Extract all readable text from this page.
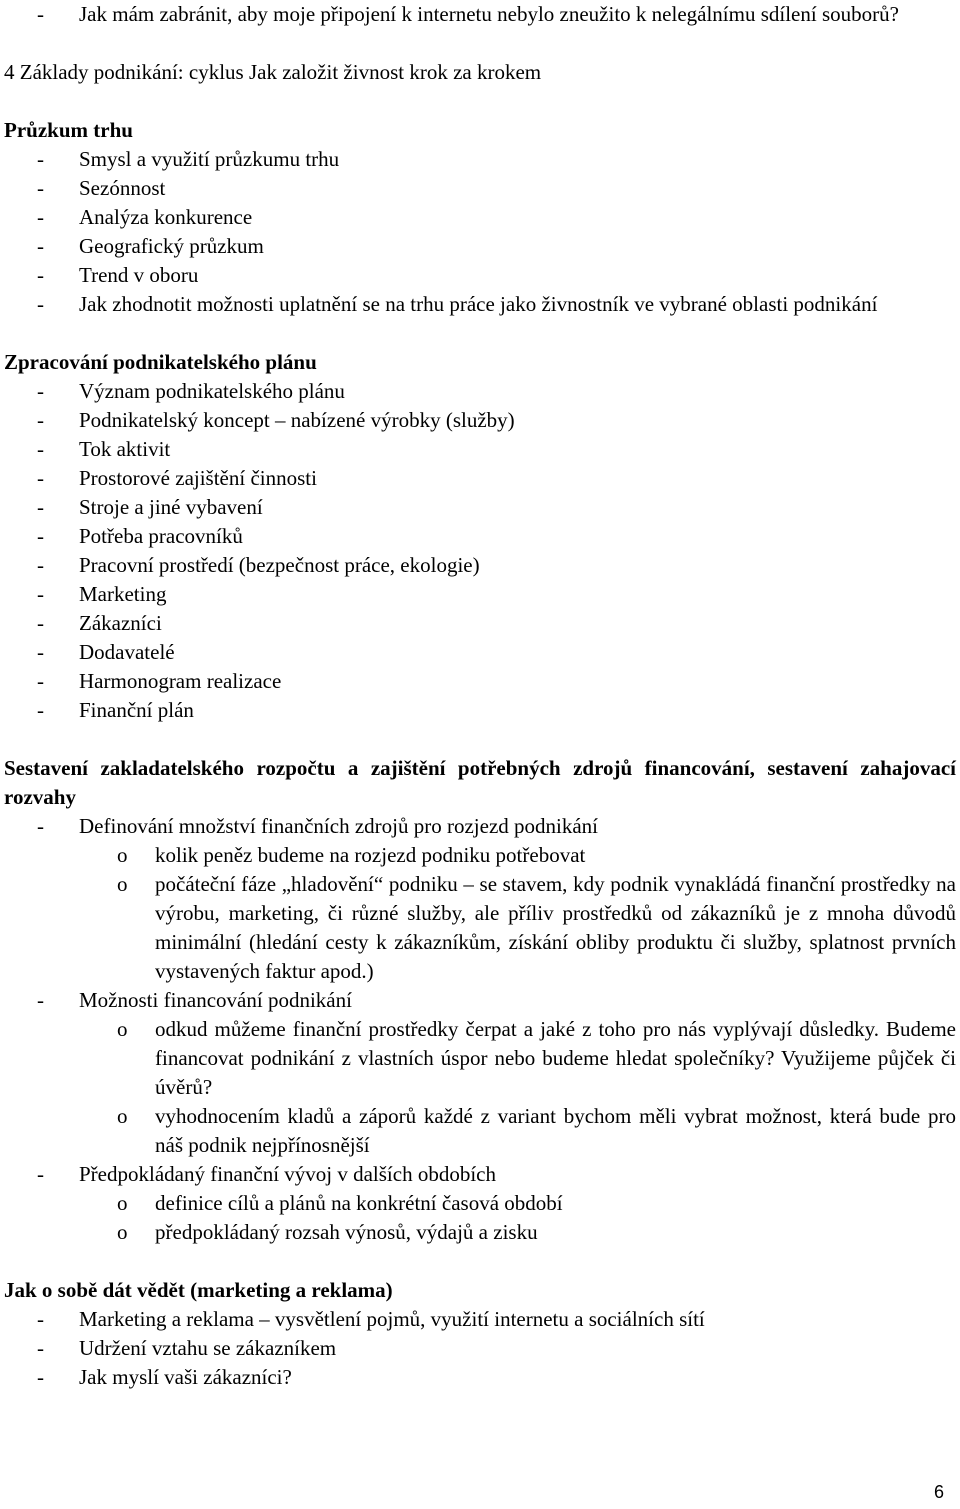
- Jak mám zabránit, aby moje připojení k internetu nebylo zneužito k nelegálnímu sdílení souborů?

4 Základy podnikání: cyklus Jak založit živnost krok za krokem

Průzkum trhu

- Smysl a využití průzkumu trhu

- Sezónnost

- Analýza konkurence

- Geografický průzkum

- Trend v oboru

- Jak zhodnotit možnosti uplatnění se na trhu práce jako živnostník ve vybrané oblasti podnikání

Zpracování podnikatelského plánu

- Význam podnikatelského plánu

- Podnikatelský koncept – nabízené výrobky (služby)

- Tok aktivit

- Prostorové zajištění činnosti

- Stroje a jiné vybavení

- Potřeba pracovníků

- Pracovní prostředí (bezpečnost práce, ekologie)

- Marketing

- Zákazníci

- Dodavatelé

- Harmonogram realizace

- Finanční plán

Sestavení zakladatelského rozpočtu a zajištění potřebných zdrojů financování, sestavení zahajovací rozvahy

- Definování množství finančních zdrojů pro rozjezd podnikání

o kolik peněz budeme na rozjezd podniku potřebovat

o počáteční fáze „hladovění“ podniku – se stavem, kdy podnik vynakládá finanční prostředky na výrobu, marketing, či různé služby, ale příliv prostředků od zákazníků je z mnoha důvodů minimální (hledání cesty k zákazníkům, získání obliby produktu či služby, splatnost prvních vystavených faktur apod.)

- Možnosti financování podnikání

o odkud můžeme finanční prostředky čerpat a jaké z toho pro nás vyplývají důsledky. Budeme financovat podnikání z vlastních úspor nebo budeme hledat společníky? Využijeme půjček či úvěrů?

o vyhodnocením kladů a záporů každé z variant bychom měli vybrat možnost, která bude pro náš podnik nejpřínosnější

- Předpokládaný finanční vývoj v dalších obdobích

o definice cílů a plánů na konkrétní časová období

o předpokládaný rozsah výnosů, výdajů a zisku

Jak o sobě dát vědět (marketing a reklama)

- Marketing a reklama – vysvětlení pojmů, využití internetu a sociálních sítí

- Udržení vztahu se zákazníkem

- Jak myslí vaši zákazníci?

6
